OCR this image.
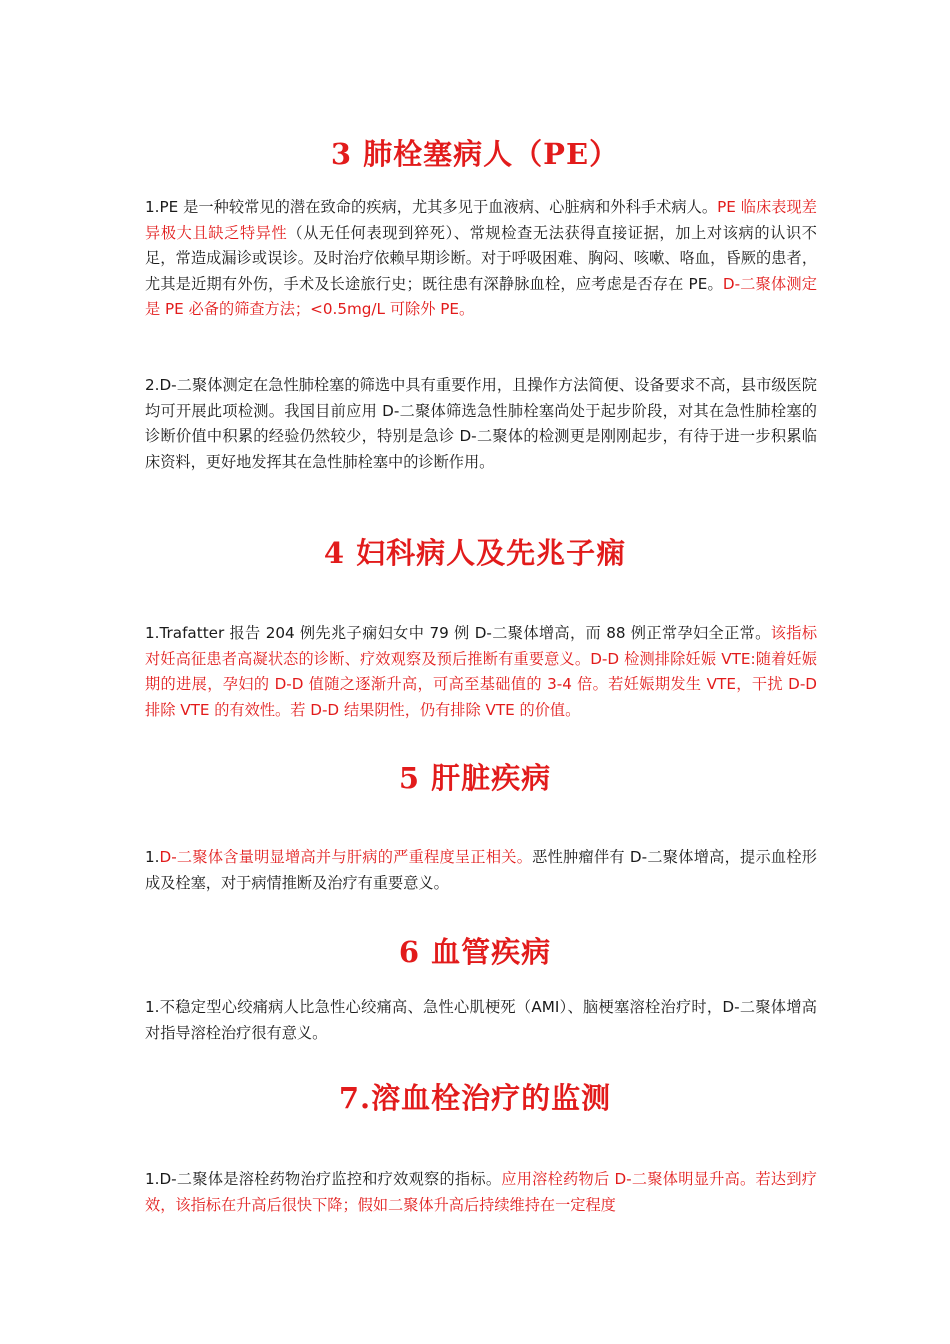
3 肺栓塞病人（PE）

1.PE 是一种较常见的潜在致命的疾病，尤其多见于血液病、心脏病和外科手术病人。PE 临床表现差异极大且缺乏特异性（从无任何表现到猝死）、常规检查无法获得直接证据，加上对该病的认识不足，常造成漏诊或误诊。及时治疗依赖早期诊断。对于呼吸困难、胸闷、咳嗽、咯血，昏厥的患者，尤其是近期有外伤，手术及长途旅行史；既往患有深静脉血栓，应考虑是否存在 PE。D-二聚体测定是 PE 必备的筛查方法；<0.5mg/L 可除外 PE。

2.D-二聚体测定在急性肺栓塞的筛选中具有重要作用，且操作方法简便、设备要求不高，县市级医院均可开展此项检测。我国目前应用 D-二聚体筛选急性肺栓塞尚处于起步阶段，对其在急性肺栓塞的诊断价值中积累的经验仍然较少，特别是急诊 D-二聚体的检测更是刚刚起步，有待于进一步积累临床资料，更好地发挥其在急性肺栓塞中的诊断作用。

4 妇科病人及先兆子痫

1.Trafatter 报告 204 例先兆子痫妇女中 79 例 D-二聚体增高，而 88 例正常孕妇全正常。该指标对妊高征患者高凝状态的诊断、疗效观察及预后推断有重要意义。D-D 检测排除妊娠 VTE:随着妊娠期的进展，孕妇的 D-D 值随之逐渐升高，可高至基础值的 3-4 倍。若妊娠期发生 VTE，干扰 D-D 排除 VTE 的有效性。若 D-D 结果阴性，仍有排除 VTE 的价值。

5 肝脏疾病

1.D-二聚体含量明显增高并与肝病的严重程度呈正相关。恶性肿瘤伴有 D-二聚体增高，提示血栓形成及栓塞，对于病情推断及治疗有重要意义。

6 血管疾病

1.不稳定型心绞痛病人比急性心绞痛高、急性心肌梗死（AMI）、脑梗塞溶栓治疗时，D-二聚体增高对指导溶栓治疗很有意义。

7.溶血栓治疗的监测

1.D-二聚体是溶栓药物治疗监控和疗效观察的指标。应用溶栓药物后 D-二聚体明显升高。若达到疗效，该指标在升高后很快下降；假如二聚体升高后持续维持在一定程度
